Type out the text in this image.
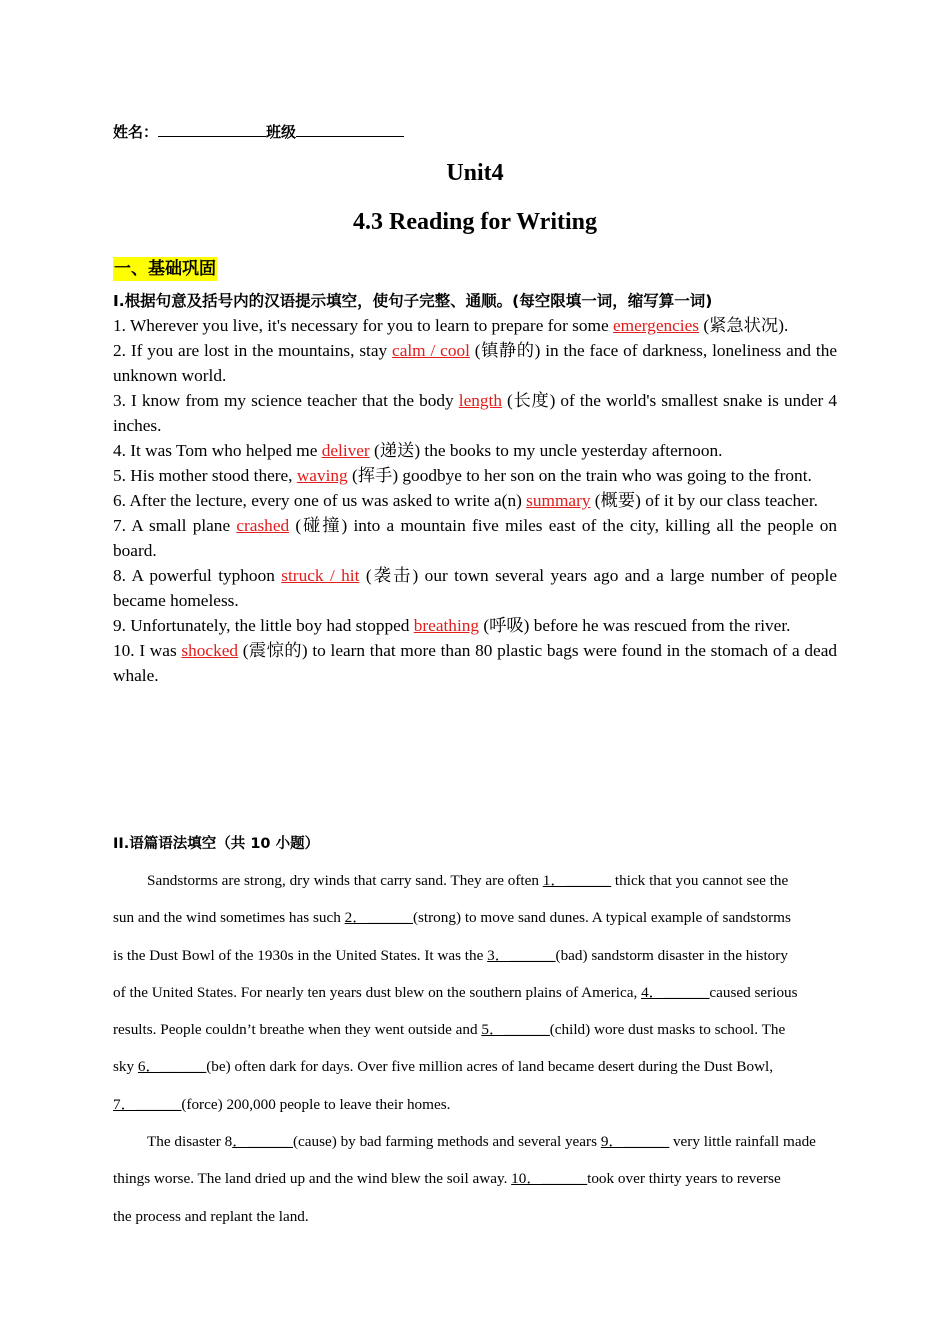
姓名：	班级
Unit4
4.3 Reading for Writing
一、基础巩固
I.根据句意及括号内的汉语提示填空，使句子完整、通顺。(每空限填一词，缩写算一词)
1. Wherever you live, it's necessary for you to learn to prepare for some emergencies (紧急状况).
2. If you are lost in the mountains, stay calm / cool (镇静的) in the face of darkness, loneliness and the unknown world.
3. I know from my science teacher that the body length (长度) of the world's smallest snake is under 4 inches.
4. It was Tom who helped me deliver (递送) the books to my uncle yesterday afternoon.
5. His mother stood there, waving (挥手) goodbye to her son on the train who was going to the front.
6. After the lecture, every one of us was asked to write a(n) summary (概要) of it by our class teacher.
7. A small plane crashed (碰撞) into a mountain five miles east of the city, killing all the people on board.
8. A powerful typhoon struck / hit (袭击) our town several years ago and a large number of people became homeless.
9. Unfortunately, the little boy had stopped breathing (呼吸) before he was rescued from the river.
10. I was shocked (震惊的) to learn that more than 80 plastic bags were found in the stomach of a dead whale.
II.语篇语法填空（共 10 小题）
Sandstorms are strong, dry winds that carry sand. They are often 1．______ thick that you cannot see the
sun and the wind sometimes has such 2．______(strong) to move sand dunes. A typical example of sandstorms
is the Dust Bowl of the 1930s in the United States. It was the 3．______(bad) sandstorm disaster in the history
of the United States. For nearly ten years dust blew on the southern plains of America, 4．______caused serious
results. People couldn’t breathe when they went outside and 5．______(child) wore dust masks to school. The
sky 6．______(be) often dark for days. Over five million acres of land became desert during the Dust Bowl,
7．______(force) 200,000 people to leave their homes.
The disaster 8．______(cause) by bad farming methods and several years 9．______ very little rainfall made
things worse. The land dried up and the wind blew the soil away. 10．______took over thirty years to reverse
the process and replant the land.
